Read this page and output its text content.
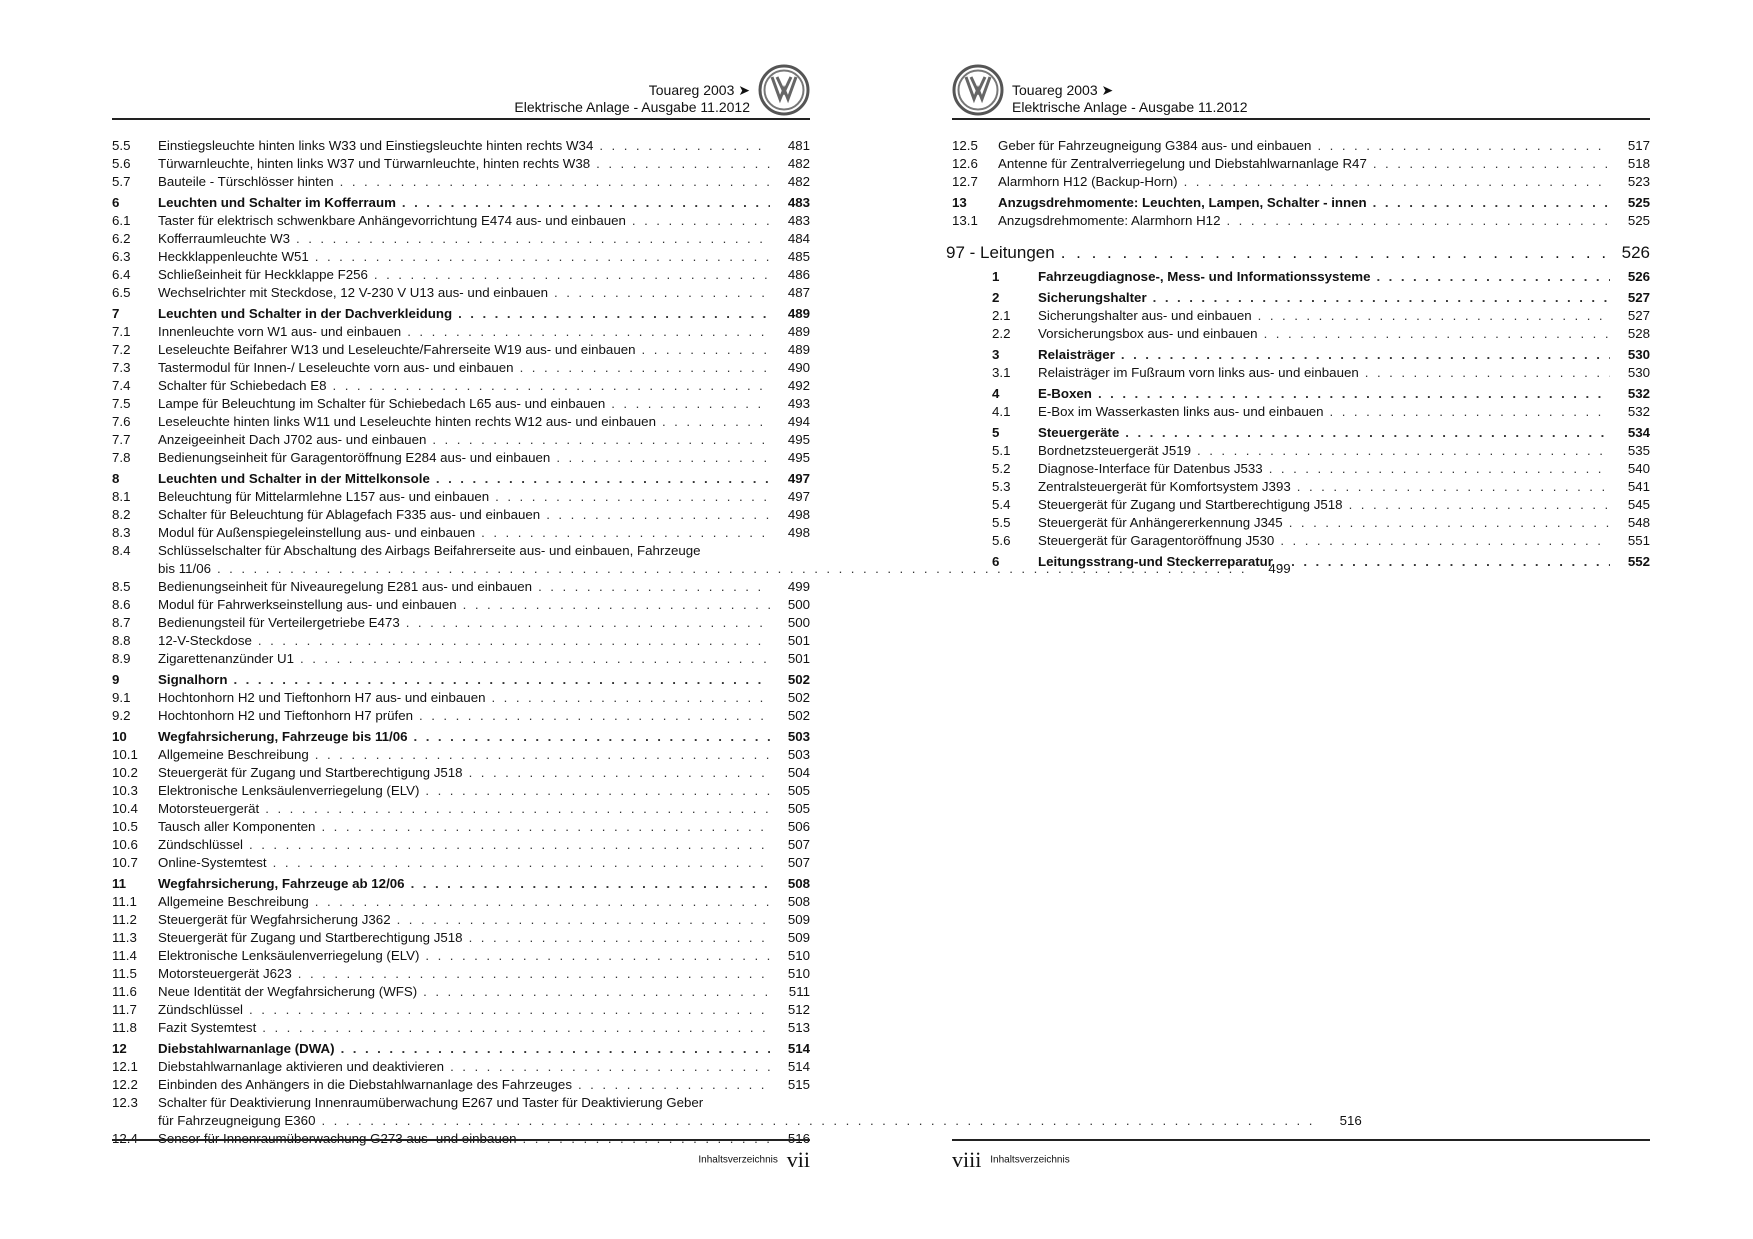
Touareg 2003 ➤
Elektrische Anlage - Ausgabe 11.2012
5.5	Einstiegsleuchte hinten links W33 und Einstiegsleuchte hinten rechts W34 . . .	481
5.6	Türwarnleuchte, hinten links W37 und Türwarnleuchte, hinten rechts W38 . . .	482
5.7	Bauteile - Türschlösser hinten . . .	482
6	Leuchten und Schalter im Kofferraum . . .	483
6.1	Taster für elektrisch schwenkbare Anhängevorrichtung E474 aus- und einbauen . . .	483
6.2	Kofferraumleuchte W3 . . .	484
6.3	Heckklappenleuchte W51 . . .	485
6.4	Schließeinheit für Heckklappe F256 . . .	486
6.5	Wechselrichter mit Steckdose, 12 V-230 V U13 aus- und einbauen . . .	487
7	Leuchten und Schalter in der Dachverkleidung . . .	489
7.1	Innenleuchte vorn W1 aus- und einbauen . . .	489
7.2	Leseleuchte Beifahrer W13 und Leseleuchte/Fahrerseite W19 aus- und einbauen . . .	489
7.3	Tastermodul für Innen-/ Leseleuchte vorn aus- und einbauen . . .	490
7.4	Schalter für Schiebedach E8 . . .	492
7.5	Lampe für Beleuchtung im Schalter für Schiebedach L65 aus- und einbauen . . .	493
7.6	Leseleuchte hinten links W11 und Leseleuchte hinten rechts W12 aus- und einbauen . . .	494
7.7	Anzeigeeinheit Dach J702 aus- und einbauen . . .	495
7.8	Bedienungseinheit für Garagentoröffnung E284 aus- und einbauen . . .	495
8	Leuchten und Schalter in der Mittelkonsole . . .	497
8.1	Beleuchtung für Mittelarmlehne L157 aus- und einbauen . . .	497
8.2	Schalter für Beleuchtung für Ablagefach F335 aus- und einbauen . . .	498
8.3	Modul für Außenspiegeleinstellung aus- und einbauen . . .	498
8.4	Schlüsselschalter für Abschaltung des Airbags Beifahrerseite aus- und einbauen, Fahrzeuge
bis 11/06 . . .	499
8.5	Bedienungseinheit für Niveauregelung E281 aus- und einbauen . . .	499
8.6	Modul für Fahrwerkseinstellung aus- und einbauen . . .	500
8.7	Bedienungsteil für Verteilergetriebe E473 . . .	500
8.8	12-V-Steckdose . . .	501
8.9	Zigarettenanzünder U1 . . .	501
9	Signalhorn . . .	502
9.1	Hochtonhorn H2 und Tieftonhorn H7 aus- und einbauen . . .	502
9.2	Hochtonhorn H2 und Tieftonhorn H7 prüfen . . .	502
10	Wegfahrsicherung, Fahrzeuge bis 11/06 . . .	503
10.1	Allgemeine Beschreibung . . .	503
10.2	Steuergerät für Zugang und Startberechtigung J518 . . .	504
10.3	Elektronische Lenksäulenverriegelung (ELV) . . .	505
10.4	Motorsteuergerät . . .	505
10.5	Tausch aller Komponenten . . .	506
10.6	Zündschlüssel . . .	507
10.7	Online-Systemtest . . .	507
11	Wegfahrsicherung, Fahrzeuge ab 12/06 . . .	508
11.1	Allgemeine Beschreibung . . .	508
11.2	Steuergerät für Wegfahrsicherung J362 . . .	509
11.3	Steuergerät für Zugang und Startberechtigung J518 . . .	509
11.4	Elektronische Lenksäulenverriegelung (ELV) . . .	510
11.5	Motorsteuergerät J623 . . .	510
11.6	Neue Identität der Wegfahrsicherung (WFS) . . .	511
11.7	Zündschlüssel . . .	512
11.8	Fazit Systemtest . . .	513
12	Diebstahlwarnanlage (DWA) . . .	514
12.1	Diebstahlwarnanlage aktivieren und deaktivieren . . .	514
12.2	Einbinden des Anhängers in die Diebstahlwarnanlage des Fahrzeuges . . .	515
12.3	Schalter für Deaktivierung Innenraumüberwachung E267 und Taster für Deaktivierung Geber
für Fahrzeugneigung E360 . . .	516
12.4	Sensor für Innenraumüberwachung G273 aus- und einbauen . . .	516
Inhaltsverzeichnis vii
Touareg 2003 ➤
Elektrische Anlage - Ausgabe 11.2012
12.5	Geber für Fahrzeugneigung G384 aus- und einbauen . . .	517
12.6	Antenne für Zentralverriegelung und Diebstahlwarnanlage R47 . . .	518
12.7	Alarmhorn H12 (Backup-Horn) . . .	523
13	Anzugsdrehmomente: Leuchten, Lampen, Schalter - innen . . .	525
13.1	Anzugsdrehmomente: Alarmhorn H12 . . .	525
97 - Leitungen . . .	526
1	Fahrzeugdiagnose-, Mess- und Informationssysteme . . .	526
2	Sicherungshalter . . .	527
2.1	Sicherungshalter aus- und einbauen . . .	527
2.2	Vorsicherungsbox aus- und einbauen . . .	528
3	Relaisträger . . .	530
3.1	Relaisträger im Fußraum vorn links aus- und einbauen . . .	530
4	E-Boxen . . .	532
4.1	E-Box im Wasserkasten links aus- und einbauen . . .	532
5	Steuergeräte . . .	534
5.1	Bordnetzsteuergerät J519 . . .	535
5.2	Diagnose-Interface für Datenbus J533 . . .	540
5.3	Zentralsteuergerät für Komfortsystem J393 . . .	541
5.4	Steuergerät für Zugang und Startberechtigung J518 . . .	545
5.5	Steuergerät für Anhängererkennung J345 . . .	548
5.6	Steuergerät für Garagentoröffnung J530 . . .	551
6	Leitungsstrang-und Steckerreparatur . . .	552
viii Inhaltsverzeichnis
